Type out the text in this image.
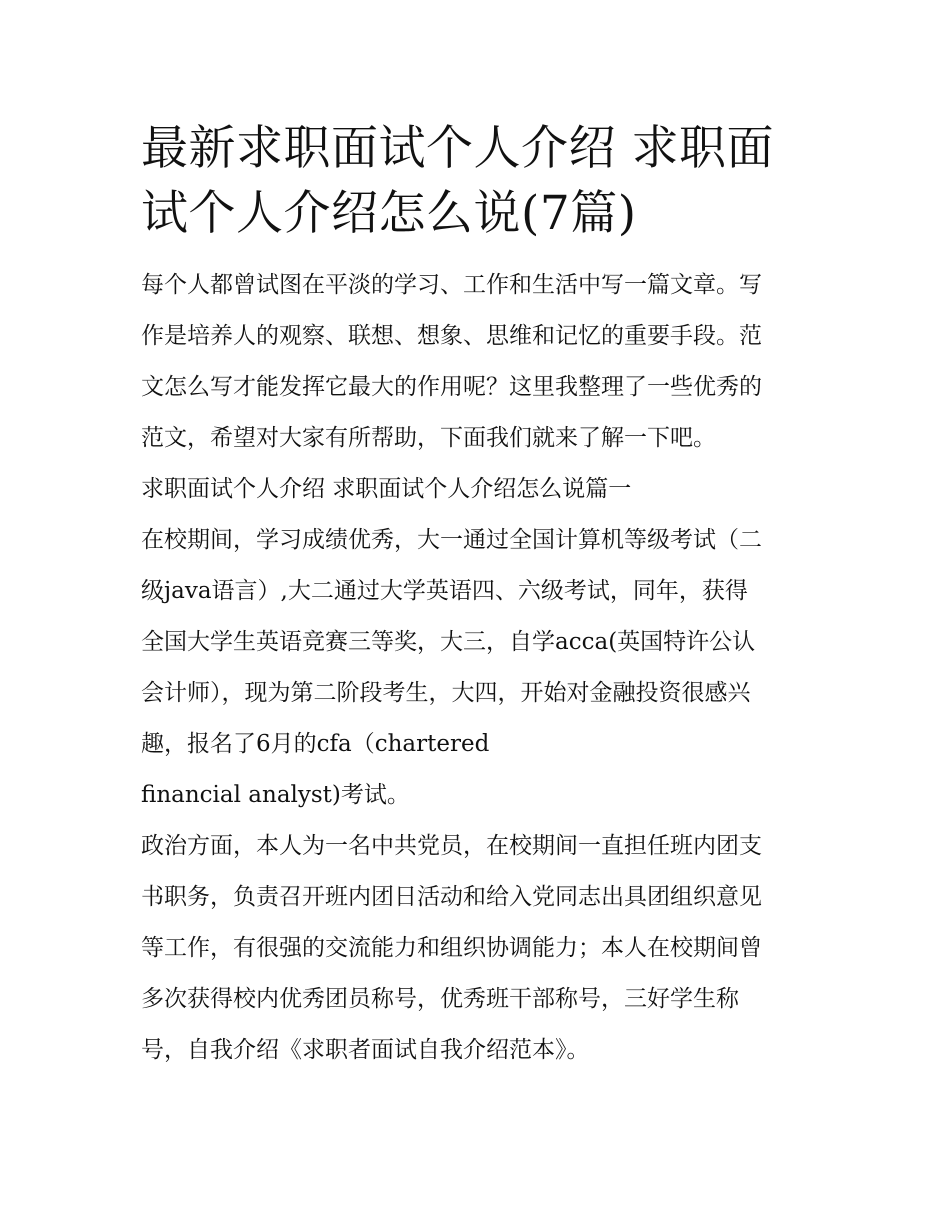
最新求职面试个人介绍 求职面试个人介绍怎么说(7篇)
每个人都曾试图在平淡的学习、工作和生活中写一篇文章。写
作是培养人的观察、联想、想象、思维和记忆的重要手段。范
文怎么写才能发挥它最大的作用呢？这里我整理了一些优秀的
范文，希望对大家有所帮助，下面我们就来了解一下吧。
求职面试个人介绍 求职面试个人介绍怎么说篇一
在校期间，学习成绩优秀，大一通过全国计算机等级考试（二
级java语言）,大二通过大学英语四、六级考试，同年，获得
全国大学生英语竞赛三等奖，大三，自学acca(英国特许公认
会计师），现为第二阶段考生，大四，开始对金融投资很感兴
趣，报名了6月的cfa（chartered
financial analyst)考试。
政治方面，本人为一名中共党员，在校期间一直担任班内团支
书职务，负责召开班内团日活动和给入党同志出具团组织意见
等工作，有很强的交流能力和组织协调能力；本人在校期间曾
多次获得校内优秀团员称号，优秀班干部称号，三好学生称
号，自我介绍《求职者面试自我介绍范本》。
